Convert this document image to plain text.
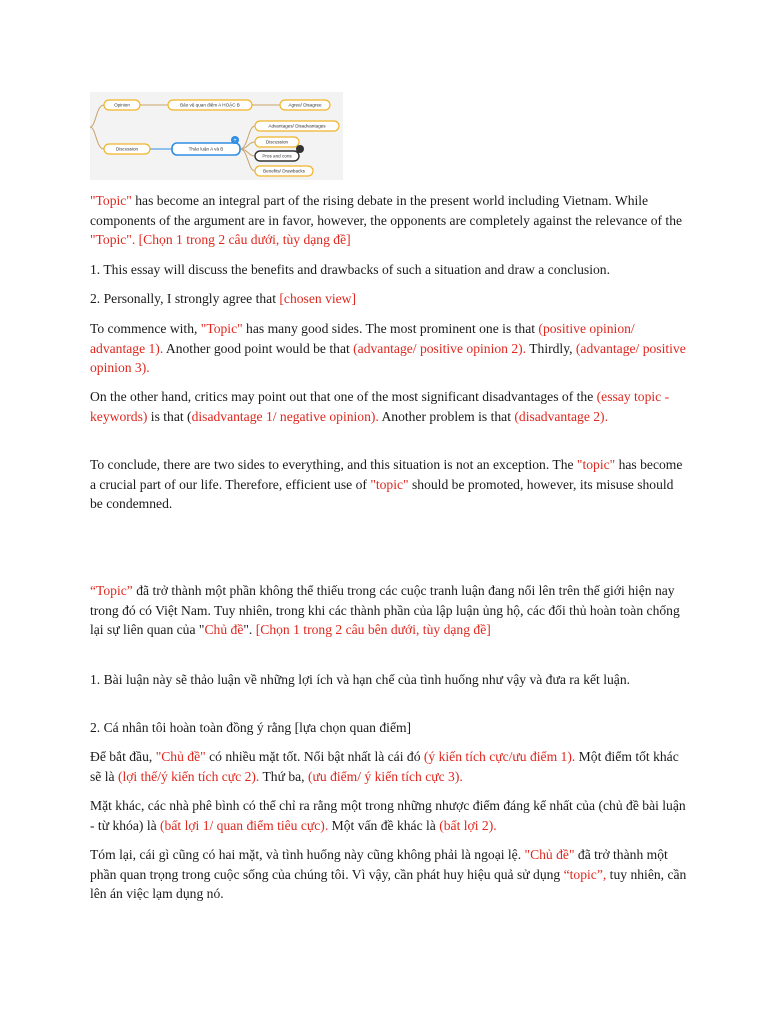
Opinion	Bảo vệ quan điểm A HOẶC B	Agree/ Disagree
Discussion	Thảo luận A và B
+
Advantages/ Disadvantages
Discussion
Pros and cons
Benefits/ Drawbacks

"Topic" has become an integral part of the rising debate in the present world including Vietnam. While components of the argument are in favor, however, the opponents are completely against the relevance of the "Topic". [Chọn 1 trong 2 câu dưới, tùy dạng đề]

1. This essay will discuss the benefits and drawbacks of such a situation and draw a conclusion.

2. Personally, I strongly agree that [chosen view]

To commence with, "Topic" has many good sides. The most prominent one is that (positive opinion/ advantage 1). Another good point would be that (advantage/ positive opinion 2). Thirdly, (advantage/ positive opinion 3).

On the other hand, critics may point out that one of the most significant disadvantages of the (essay topic - keywords) is that (disadvantage 1/ negative opinion). Another problem is that (disadvantage 2).

To conclude, there are two sides to everything, and this situation is not an exception. The "topic" has become a crucial part of our life. Therefore, efficient use of "topic" should be promoted, however, its misuse should be condemned.

“Topic” đã trở thành một phần không thể thiếu trong các cuộc tranh luận đang nổi lên trên thế giới hiện nay trong đó có Việt Nam. Tuy nhiên, trong khi các thành phần của lập luận ủng hộ, các đối thủ hoàn toàn chống lại sự liên quan của "Chủ đề". [Chọn 1 trong 2 câu bên dưới, tùy dạng đề]

1. Bài luận này sẽ thảo luận về những lợi ích và hạn chế của tình huống như vậy và đưa ra kết luận.

2. Cá nhân tôi hoàn toàn đồng ý rằng [lựa chọn quan điểm]

Để bắt đầu, "Chủ đề" có nhiều mặt tốt. Nổi bật nhất là cái đó (ý kiến tích cực/ưu điểm 1). Một điểm tốt khác sẽ là (lợi thế/ý kiến tích cực 2). Thứ ba, (ưu điểm/ ý kiến tích cực 3).

Mặt khác, các nhà phê bình có thể chỉ ra rằng một trong những nhược điểm đáng kể nhất của (chủ đề bài luận - từ khóa) là (bất lợi 1/ quan điểm tiêu cực). Một vấn đề khác là (bất lợi 2).

Tóm lại, cái gì cũng có hai mặt, và tình huống này cũng không phải là ngoại lệ. "Chủ đề" đã trở thành một phần quan trọng trong cuộc sống của chúng tôi. Vì vậy, cần phát huy hiệu quả sử dụng “topic”, tuy nhiên, cần lên án việc lạm dụng nó.
